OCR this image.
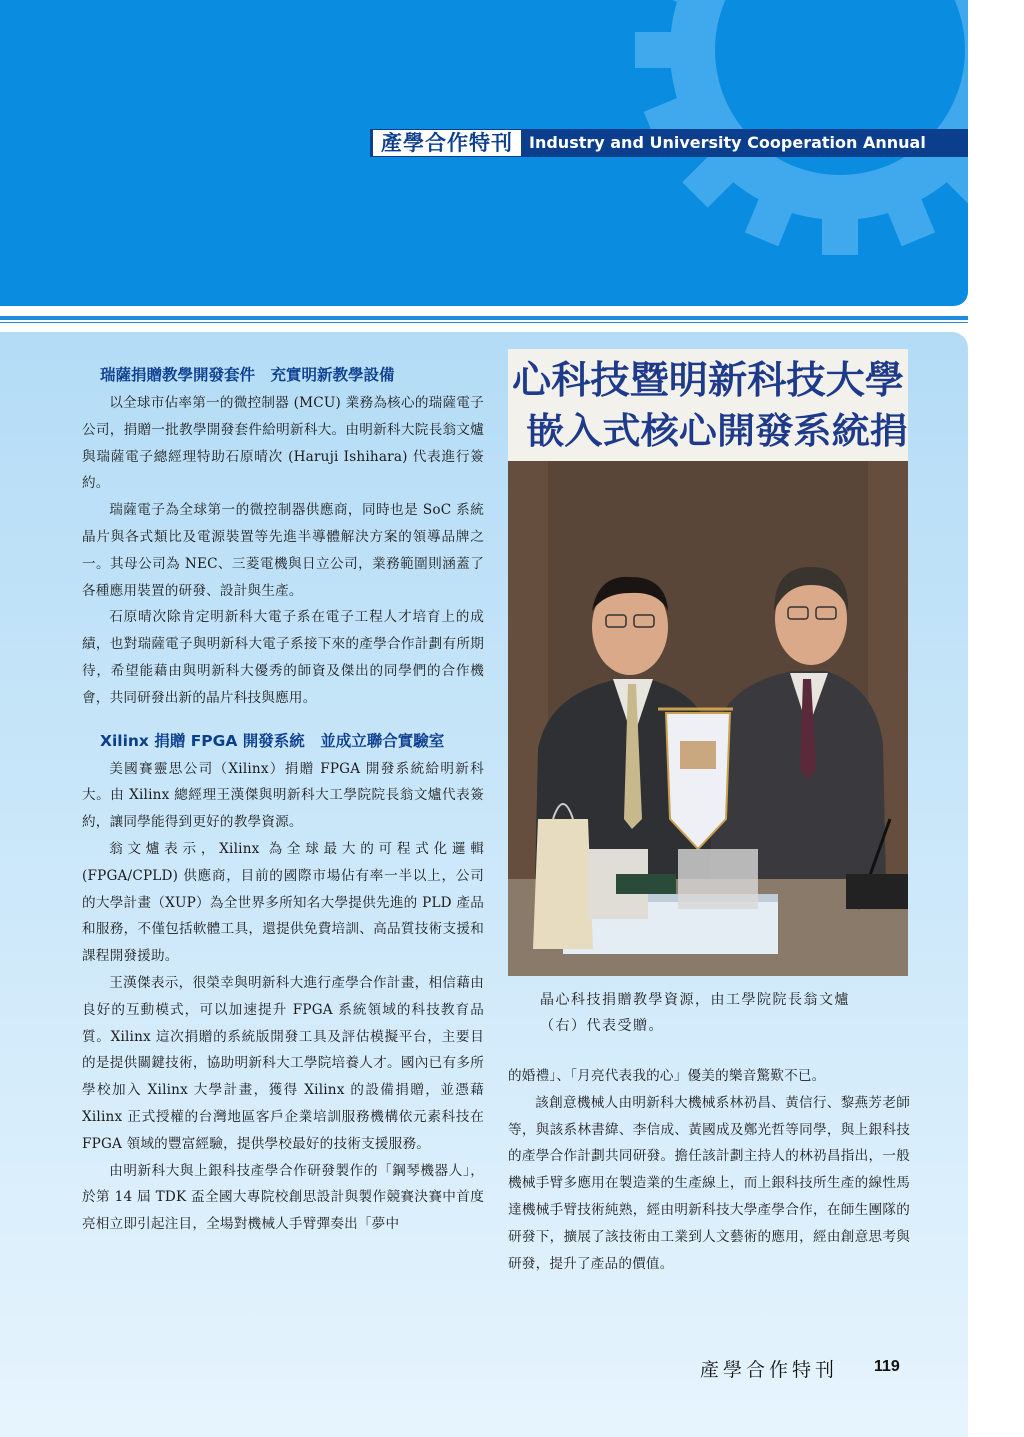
產學合作特刊	Industry and University Cooperation Annual
瑞薩捐贈教學開發套件　充實明新教學設備

以全球市佔率第一的微控制器 (MCU) 業務為核心的瑞薩電子公司，捐贈一批教學開發套件給明新科大。由明新科大院長翁文爐與瑞薩電子總經理特助石原晴次 (Haruji Ishihara) 代表進行簽約。

瑞薩電子為全球第一的微控制器供應商，同時也是 SoC 系統晶片與各式類比及電源裝置等先進半導體解決方案的領導品牌之一。其母公司為 NEC、三菱電機與日立公司，業務範圍則涵蓋了各種應用裝置的研發、設計與生產。

石原晴次除肯定明新科大電子系在電子工程人才培育上的成績，也對瑞薩電子與明新科大電子系接下來的產學合作計劃有所期待，希望能藉由與明新科大優秀的師資及傑出的同學們的合作機會，共同研發出新的晶片科技與應用。

Xilinx 捐贈 FPGA 開發系統　並成立聯合實驗室

美國賽靈思公司（Xilinx）捐贈 FPGA 開發系統給明新科大。由 Xilinx 總經理王漢傑與明新科大工學院院長翁文爐代表簽約，讓同學能得到更好的教學資源。

翁文爐表示，Xilinx 為全球最大的可程式化邏輯 (FPGA/CPLD) 供應商，目前的國際市場佔有率一半以上，公司的大學計畫（XUP）為全世界多所知名大學提供先進的 PLD 產品和服務，不僅包括軟體工具，還提供免費培訓、高品質技術支援和課程開發援助。

王漢傑表示，很榮幸與明新科大進行產學合作計畫，相信藉由良好的互動模式，可以加速提升 FPGA 系統領域的科技教育品質。Xilinx 這次捐贈的系統版開發工具及評估模擬平台，主要目的是提供關鍵技術，協助明新科大工學院培養人才。國內已有多所學校加入 Xilinx 大學計畫，獲得 Xilinx 的設備捐贈，並憑藉 Xilinx 正式授權的台灣地區客戶企業培訓服務機構依元素科技在 FPGA 領域的豐富經驗，提供學校最好的技術支援服務。

由明新科大與上銀科技產學合作研發製作的「鋼琴機器人」，於第 14 屆 TDK 盃全國大專院校創思設計與製作競賽決賽中首度亮相立即引起注目，全場對機械人手臂彈奏出「夢中

心科技暨明新科技大學
嵌入式核心開發系統捐
晶心科技捐贈教學資源，由工學院院長翁文爐（右）代表受贈。

的婚禮」、「月亮代表我的心」優美的樂音驚歎不已。

該創意機械人由明新科大機械系林礽昌、黃信行、黎燕芳老師等，與該系林書緯、李信成、黃國成及鄭光哲等同學，與上銀科技的產學合作計劃共同研發。擔任該計劃主持人的林礽昌指出，一般機械手臂多應用在製造業的生產線上，而上銀科技所生產的線性馬達機械手臂技術純熟，經由明新科技大學產學合作，在師生團隊的研發下，擴展了該技術由工業到人文藝術的應用，經由創意思考與研發，提升了產品的價值。

產學合作特刊 119
